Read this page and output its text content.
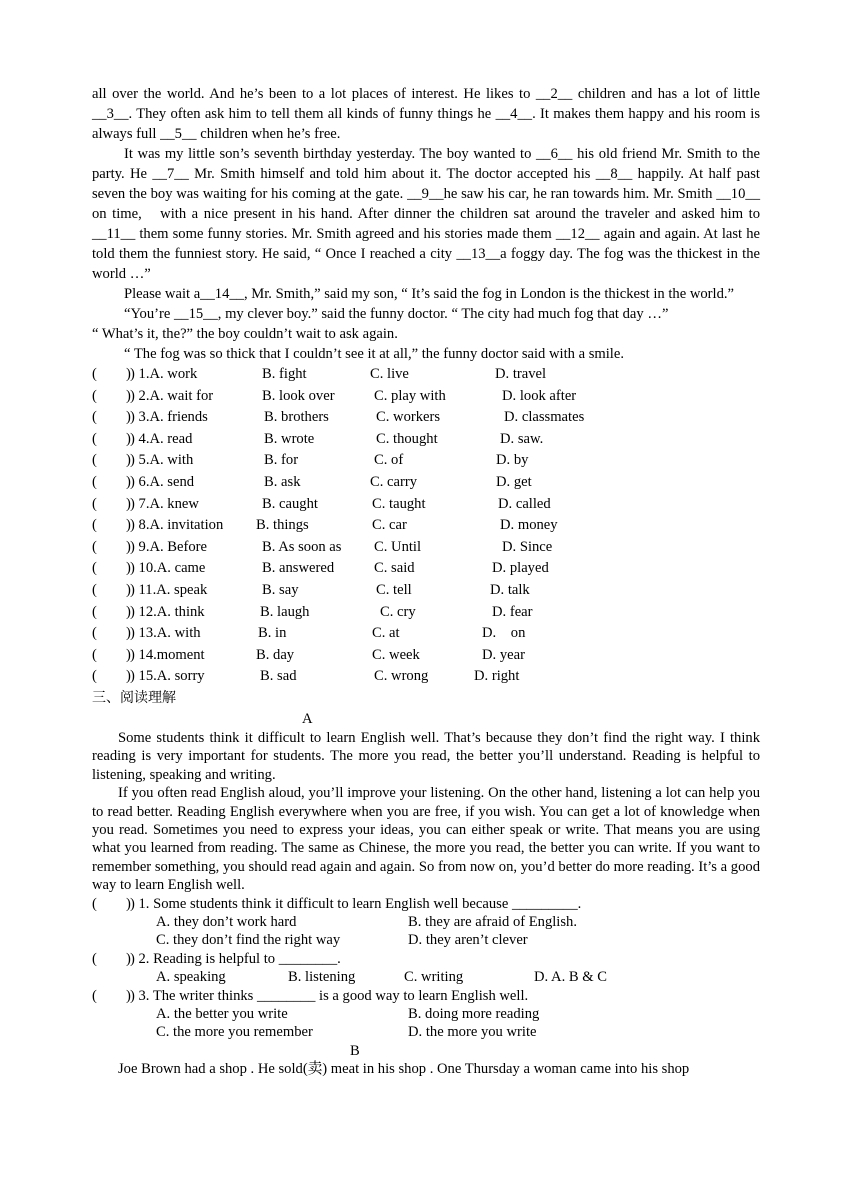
all over the world. And he’s been to a lot places of interest. He likes to __2__ children and has a lot of little __3__. They often ask him to tell them all kinds of funny things he __4__. It makes them happy and his room is always full __5__ children when he’s free.

It was my little son’s seventh birthday yesterday. The boy wanted to __6__ his old friend Mr. Smith to the party. He __7__ Mr. Smith himself and told him about it. The doctor accepted his __8__ happily. At half past seven the boy was waiting for his coming at the gate. __9__he saw his car, he ran towards him. Mr. Smith __10__ on time,　with a nice present in his hand. After dinner the children sat around the traveler and asked him to __11__ them some funny stories. Mr. Smith agreed and his stories made them __12__ again and again. At last he told them the funniest story. He said, “ Once I reached a city __13__a foggy day. The fog was the thickest in the world …”

Please wait a__14__, Mr. Smith,” said my son, “ It’s said the fog in London is the thickest in the world.”

“You’re __15__, my clever boy.” said the funny doctor. “ The city had much fog that day …”

“ What’s it, the?” the boy couldn’t wait to ask again.

“ The fog was so thick that I couldn’t see it at all,” the funny doctor said with a smile.

(　　) ) 1.A. work	B. fight	C. live	D. travel
(　　) ) 2.A. wait for	B. look over	C. play with	D. look after
(　　) ) 3.A. friends	B. brothers	C. workers	D. classmates
(　　) ) 4.A. read	B. wrote	C. thought	D. saw.
(　　) ) 5.A. with	B. for	C. of	D. by
(　　) ) 6.A. send	B. ask	C. carry	D. get
(　　) ) 7.A. knew	B. caught	C. taught	D. called
(　　) ) 8.A. invitation B. things	C. car	D. money
(　　) ) 9.A. Before	B. As soon as C. Until	D. Since
(　　) ) 10.A. came	B. answered	C. said	D. played
(　　) ) 11.A. speak	B. say	C. tell	D. talk
(　　) ) 12.A. think	B. laugh	C. cry	D. fear
(　　) ) 13.A. with	B. in	C. at	D.　on
(　　) ) 14.moment	B. day	C. week	D. year
(　　) ) 15.A. sorry	B. sad	C. wrong	D. right
三、阅读理解
A

Some students think it difficult to learn English well. That’s because they don’t find the right way. I think reading is very important for students. The more you read, the better you’ll understand. Reading is helpful to listening, speaking and writing.

If you often read English aloud, you’ll improve your listening. On the other hand, listening a lot can help you to read better. Reading English everywhere when you are free, if you wish. You can get a lot of knowledge when you read. Sometimes you need to express your ideas, you can either speak or write. That means you are using what you learned from reading. The same as Chinese, the more you read, the better you can write. If you want to remember something, you should read again and again. So from now on, you’d better do more reading. It’s a good way to learn English well.

(　　) ) 1. Some students think it difficult to learn English well because _________.
A. they don’t work hard	B. they are afraid of English.
C. they don’t find the right way	D. they aren’t clever
(　　) ) 2. Reading is helpful to ________.
A. speaking	B. listening	C. writing	D. A. B & C
(　　) ) 3. The writer thinks ________ is a good way to learn English well.
A. the better you write	B. doing more reading
C. the more you remember	D. the more you write
B

Joe Brown had a shop . He sold(卖) meat in his shop . One Thursday a woman came into his shop
